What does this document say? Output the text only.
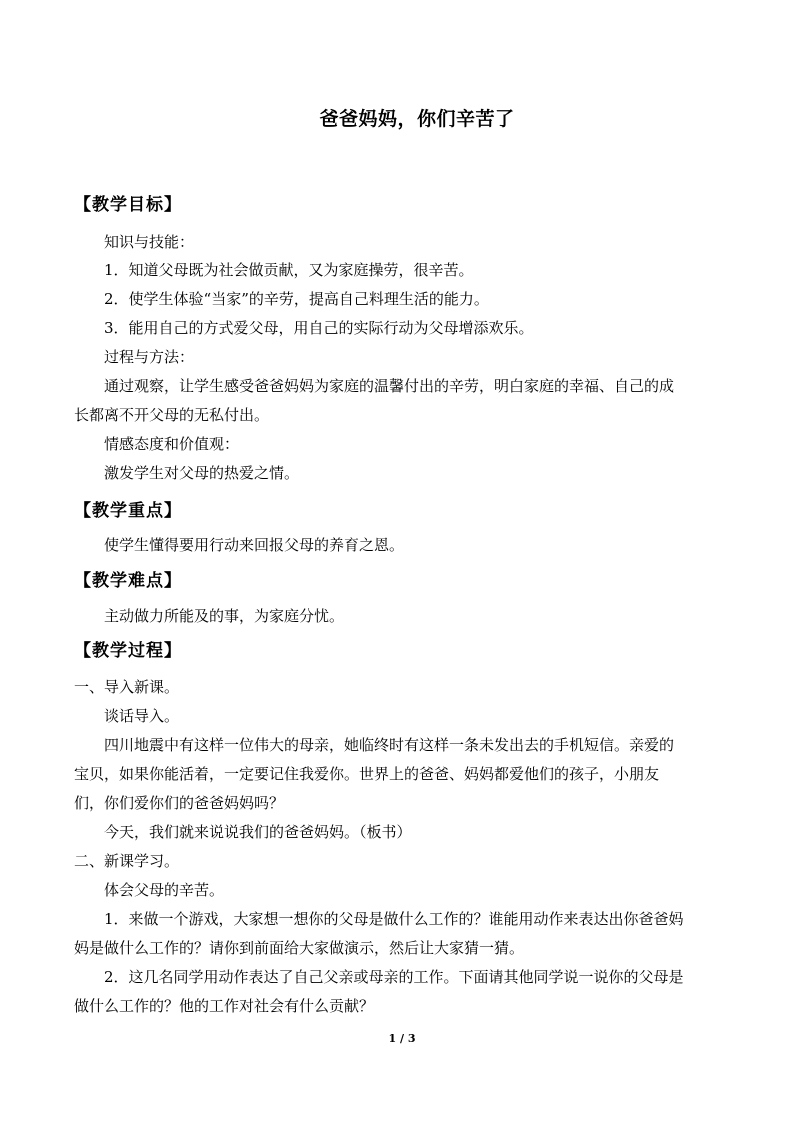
爸爸妈妈，你们辛苦了
【教学目标】
知识与技能：
1．知道父母既为社会做贡献，又为家庭操劳，很辛苦。
2．使学生体验“当家”的辛劳，提高自己料理生活的能力。
3．能用自己的方式爱父母，用自己的实际行动为父母增添欢乐。
过程与方法：
通过观察，让学生感受爸爸妈妈为家庭的温馨付出的辛劳，明白家庭的幸福、自己的成
长都离不开父母的无私付出。
情感态度和价值观：
激发学生对父母的热爱之情。
【教学重点】
使学生懂得要用行动来回报父母的养育之恩。
【教学难点】
主动做力所能及的事，为家庭分忧。
【教学过程】
一、导入新课。
谈话导入。
四川地震中有这样一位伟大的母亲，她临终时有这样一条未发出去的手机短信。亲爱的
宝贝，如果你能活着，一定要记住我爱你。世界上的爸爸、妈妈都爱他们的孩子，小朋友
们，你们爱你们的爸爸妈妈吗？
今天，我们就来说说我们的爸爸妈妈。（板书）
二、新课学习。
体会父母的辛苦。
1．来做一个游戏，大家想一想你的父母是做什么工作的？谁能用动作来表达出你爸爸妈
妈是做什么工作的？请你到前面给大家做演示，然后让大家猜一猜。
2．这几名同学用动作表达了自己父亲或母亲的工作。下面请其他同学说一说你的父母是
做什么工作的？他的工作对社会有什么贡献？
1 / 3
